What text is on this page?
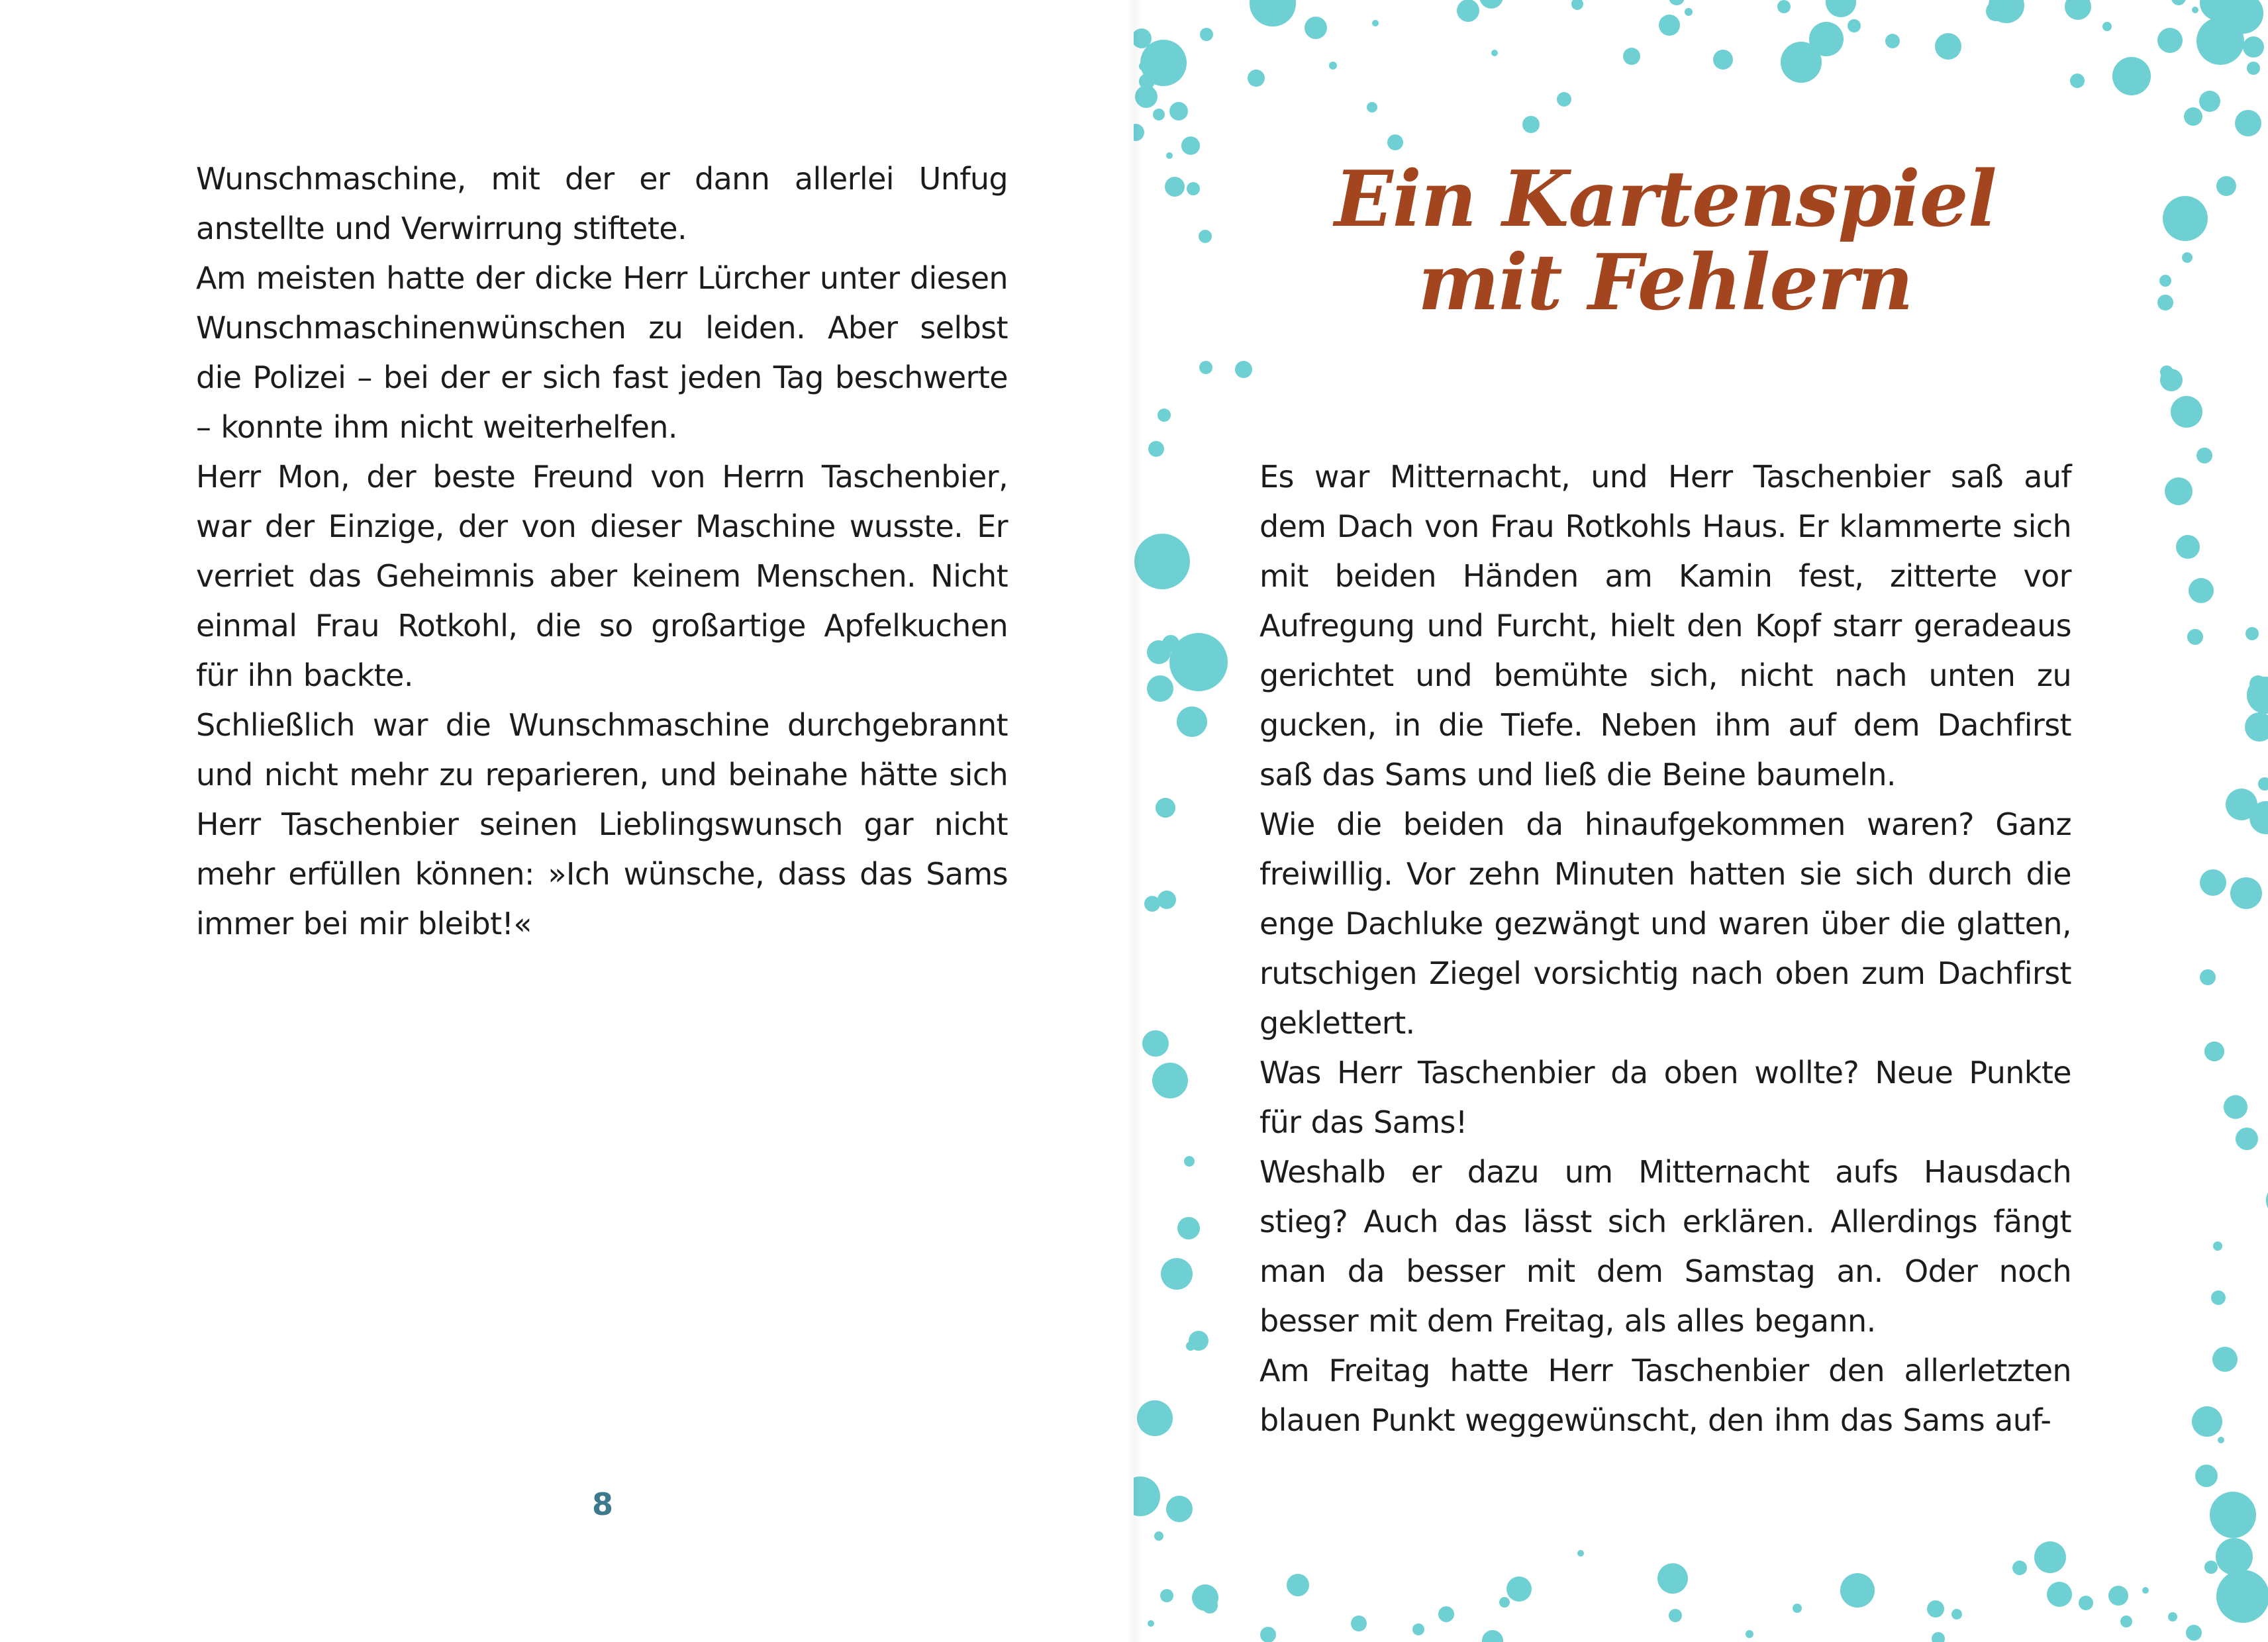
Wunschmaschine, mit der er dann allerlei Unfug anstellte und Verwirrung stiftete.

Am meisten hatte der dicke Herr Lürcher unter diesen Wunschmaschinenwünschen zu leiden. Aber selbst die Polizei – bei der er sich fast jeden Tag beschwerte – konnte ihm nicht weiterhelfen.

Herr Mon, der beste Freund von Herrn Taschenbier, war der Einzige, der von dieser Maschine wusste. Er verriet das Geheimnis aber keinem Menschen. Nicht einmal Frau Rotkohl, die so großartige Apfelkuchen für ihn backte.

Schließlich war die Wunschmaschine durchgebrannt und nicht mehr zu reparieren, und beinahe hätte sich Herr Taschenbier seinen Lieblingswunsch gar nicht mehr erfüllen können: »Ich wünsche, dass das Sams immer bei mir bleibt!«

8
Ein Kartenspiel
mit Fehlern

Es war Mitternacht, und Herr Taschenbier saß auf dem Dach von Frau Rotkohls Haus. Er klammerte sich mit beiden Händen am Kamin fest, zitterte vor Aufregung und Furcht, hielt den Kopf starr geradeaus gerichtet und bemühte sich, nicht nach unten zu gucken, in die Tiefe. Neben ihm auf dem Dachfirst saß das Sams und ließ die Beine baumeln.

Wie die beiden da hinaufgekommen waren? Ganz freiwillig. Vor zehn Minuten hatten sie sich durch die enge Dachluke gezwängt und waren über die glatten, rutschigen Ziegel vorsichtig nach oben zum Dachfirst geklettert.

Was Herr Taschenbier da oben wollte? Neue Punkte für das Sams!

Weshalb er dazu um Mitternacht aufs Hausdach stieg? Auch das lässt sich erklären. Allerdings fängt man da besser mit dem Samstag an. Oder noch besser mit dem Freitag, als alles begann.

Am Freitag hatte Herr Taschenbier den allerletzten blauen Punkt weggewünscht, den ihm das Sams auf-
